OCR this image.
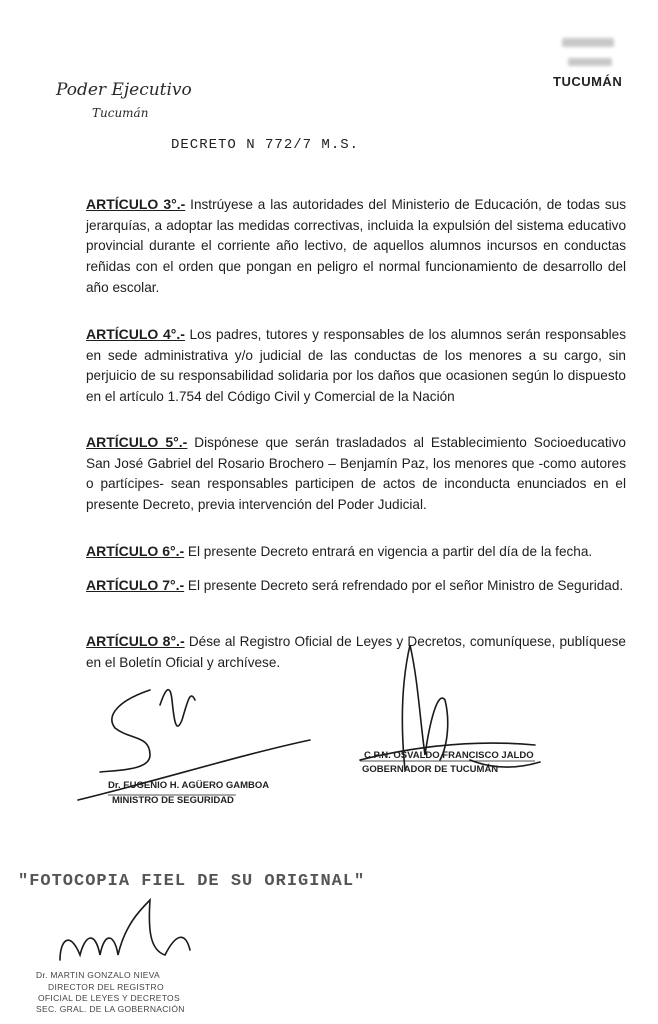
TUCUMÁN
Poder Ejecutivo
Tucumán
DECRETO N 772/7 M.S.
ARTÍCULO 3°.- Instrúyese a las autoridades del Ministerio de Educación, de todas sus jerarquías, a adoptar las medidas correctivas, incluida la expulsión del sistema educativo provincial durante el corriente año lectivo, de aquellos alumnos incursos en conductas reñidas con el orden que pongan en peligro el normal funcionamiento de desarrollo del año escolar.
ARTÍCULO 4°.- Los padres, tutores y responsables de los alumnos serán responsables en sede administrativa y/o judicial de las conductas de los menores a su cargo, sin perjuicio de su responsabilidad solidaria por los daños que ocasionen según lo dispuesto en el artículo 1.754 del Código Civil y Comercial de la Nación
ARTÍCULO 5°.- Dispónese que serán trasladados al Establecimiento Socioeducativo San José Gabriel del Rosario Brochero – Benjamín Paz, los menores que -como autores o partícipes- sean responsables participen de actos de inconducta enunciados en el presente Decreto, previa intervención del Poder Judicial.
ARTÍCULO 6°.- El presente Decreto entrará en vigencia a partir del día de la fecha.
ARTÍCULO 7°.- El presente Decreto será refrendado por el señor Ministro de Seguridad.
ARTÍCULO 8°.- Dése al Registro Oficial de Leyes y Decretos, comuníquese, publíquese en el Boletín Oficial y archívese.
Dr. EUGENIO H. AGÜERO GAMBOA
MINISTRO DE SEGURIDAD
C.P.N. OSVALDO FRANCISCO JALDO
GOBERNADOR DE TUCUMÁN
"FOTOCOPIA FIEL DE SU ORIGINAL"
Dr. MARTIN GONZALO NIEVA
DIRECTOR DEL REGISTRO
OFICIAL DE LEYES Y DECRETOS
SEC. GRAL. DE LA GOBERNACIÓN
